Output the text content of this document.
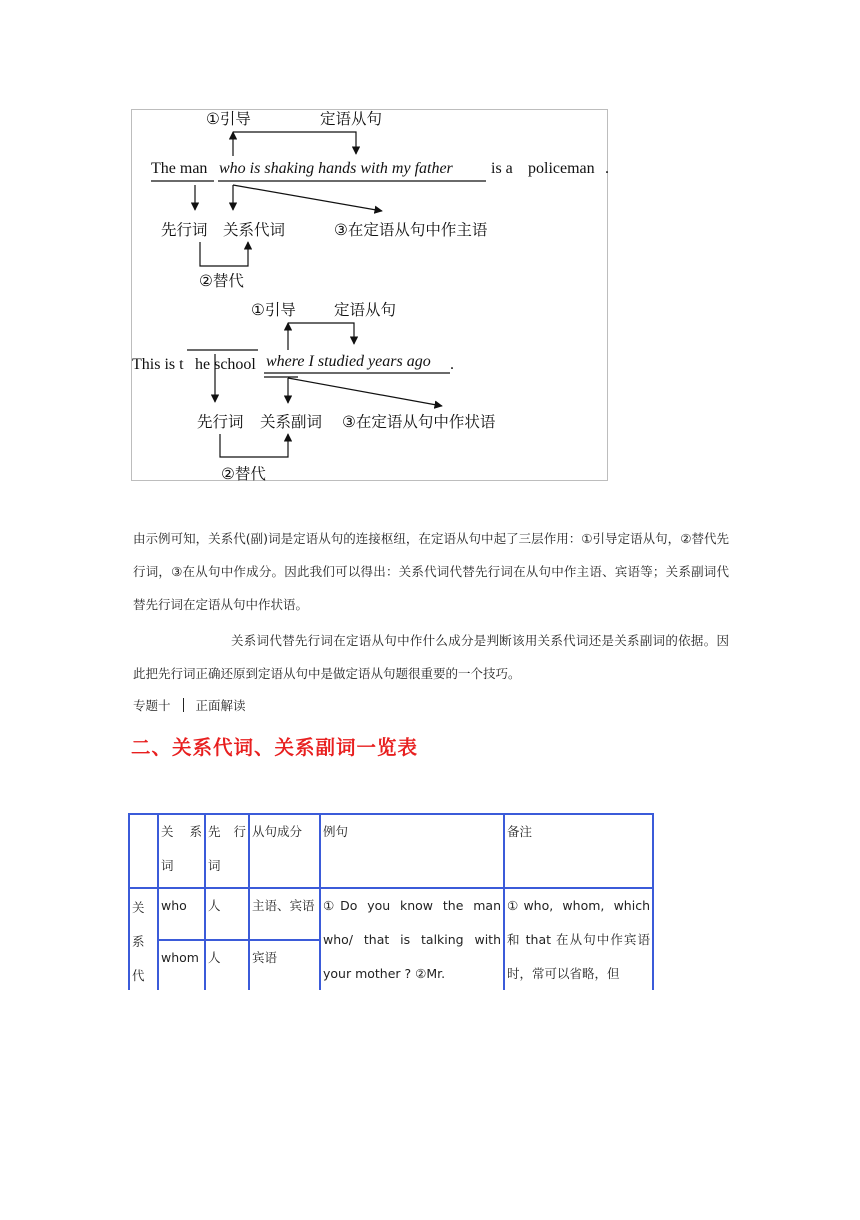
①引导	定语从句
The man who is shaking hands with my father is a policeman .
先行词 关系代词	③在定语从句中作主语
②替代
①引导 定语从句
This is t he school where I studied years ago .
先行词 关系副词 ③在定语从句中作状语
②替代

由示例可知，关系代(副)词是定语从句的连接枢纽，在定语从句中起了三层作用：①引导定语从句，②替代先行词，③在从句中作成分。因此我们可以得出：关系代词代替先行词在从句中作主语、宾语等；关系副词代替先行词在定语从句中作状语。

关系词代替先行词在定语从句中作什么成分是判断该用关系代词还是关系副词的依据。因此把先行词正确还原到定语从句中是做定语从句题很重要的一个技巧。

专题十 正面解读
二、关系代词、关系副词一览表
	关 系 词	先 行 词	从句成分	例句	备注
关 系 代	who	人	主语、宾语	①Do you know the man who/ that is talking with your mother ? ②Mr.	①who, whom, which 和 that 在从句中作宾语时，常可以省略，但
	whom	人	宾语		
